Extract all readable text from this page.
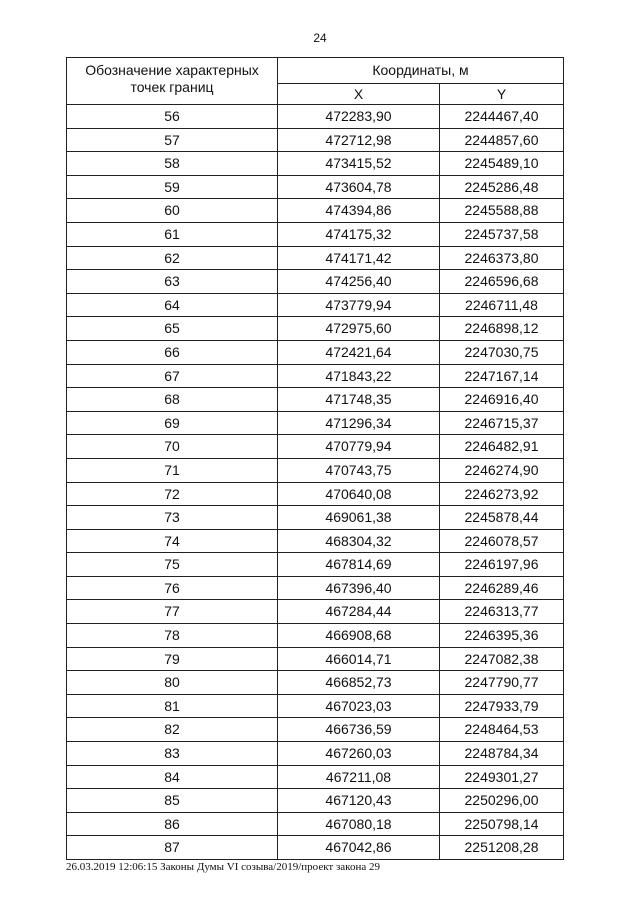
24
Обозначение характерных точек границ	Координаты, м	
	X	Y
56	472283,90	2244467,40
57	472712,98	2244857,60
58	473415,52	2245489,10
59	473604,78	2245286,48
60	474394,86	2245588,88
61	474175,32	2245737,58
62	474171,42	2246373,80
63	474256,40	2246596,68
64	473779,94	2246711,48
65	472975,60	2246898,12
66	472421,64	2247030,75
67	471843,22	2247167,14
68	471748,35	2246916,40
69	471296,34	2246715,37
70	470779,94	2246482,91
71	470743,75	2246274,90
72	470640,08	2246273,92
73	469061,38	2245878,44
74	468304,32	2246078,57
75	467814,69	2246197,96
76	467396,40	2246289,46
77	467284,44	2246313,77
78	466908,68	2246395,36
79	466014,71	2247082,38
80	466852,73	2247790,77
81	467023,03	2247933,79
82	466736,59	2248464,53
83	467260,03	2248784,34
84	467211,08	2249301,27
85	467120,43	2250296,00
86	467080,18	2250798,14
87	467042,86	2251208,28
26.03.2019 12:06:15 Законы Думы VI созыва/2019/проект закона 29
